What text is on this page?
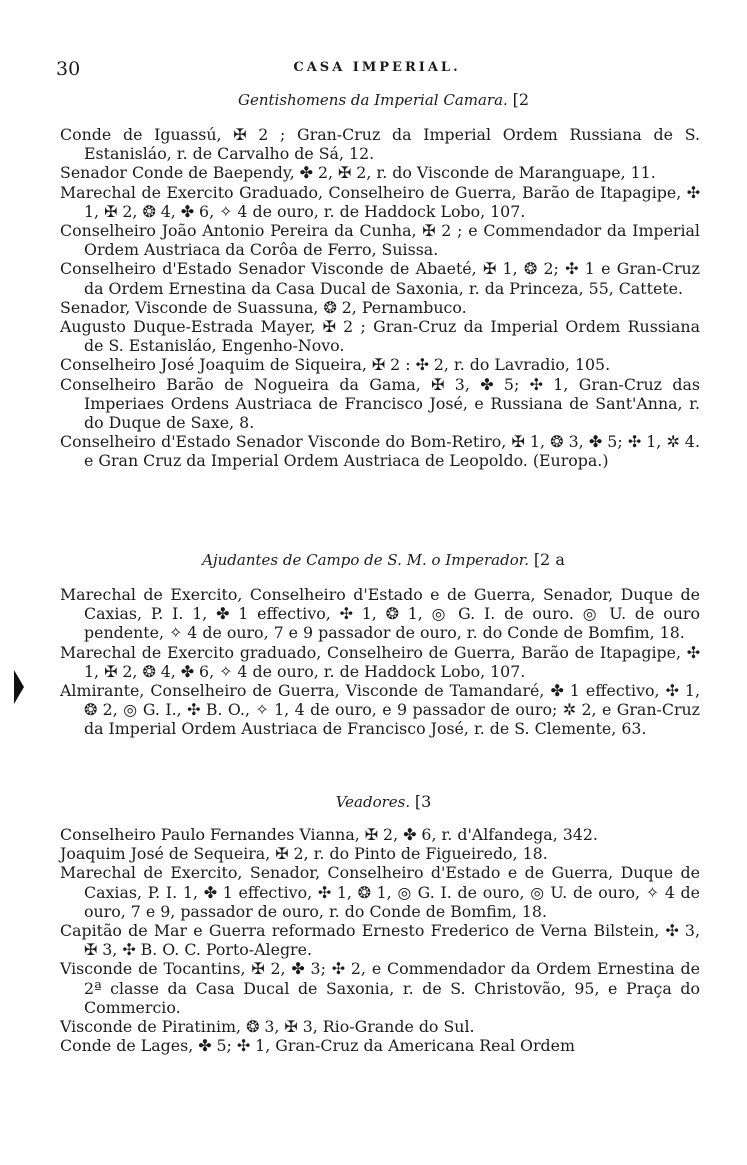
30	CASA IMPERIAL.
Gentishomens da Imperial Camara. [2

Conde de Iguassú, ✠ 2 ; Gran-Cruz da Imperial Ordem Russiana de S. Estanisláo, r. de Carvalho de Sá, 12.

Senador Conde de Baependy, ✤ 2, ✠ 2, r. do Visconde de Maranguape, 11.

Marechal de Exercito Graduado, Conselheiro de Guerra, Barão de Itapagipe, ✣ 1, ✠ 2, ❂ 4, ✤ 6, ✧ 4 de ouro, r. de Haddock Lobo, 107.

Conselheiro João Antonio Pereira da Cunha, ✠ 2 ; e Commendador da Imperial Ordem Austriaca da Corôa de Ferro, Suissa.

Conselheiro d'Estado Senador Visconde de Abaeté, ✠ 1, ❂ 2; ✣ 1 e Gran-Cruz da Ordem Ernestina da Casa Ducal de Saxonia, r. da Princeza, 55, Cattete.

Senador, Visconde de Suassuna, ❂ 2, Pernambuco.

Augusto Duque-Estrada Mayer, ✠ 2 ; Gran-Cruz da Imperial Ordem Russiana de S. Estanisláo, Engenho-Novo.

Conselheiro José Joaquim de Siqueira, ✠ 2 : ✣ 2, r. do Lavradio, 105.

Conselheiro Barão de Nogueira da Gama, ✠ 3, ✤ 5; ✣ 1, Gran-Cruz das Imperiaes Ordens Austriaca de Francisco José, e Russiana de Sant'Anna, r. do Duque de Saxe, 8.

Conselheiro d'Estado Senador Visconde do Bom-Retiro, ✠ 1, ❂ 3, ✤ 5; ✣ 1, ✲ 4. e Gran Cruz da Imperial Ordem Austriaca de Leopoldo. (Europa.)

Ajudantes de Campo de S. M. o Imperador. [2 a

Marechal de Exercito, Conselheiro d'Estado e de Guerra, Senador, Duque de Caxias, P. I. 1, ✤ 1 effectivo, ✣ 1, ❂ 1, ◎ G. I. de ouro. ◎ U. de ouro pendente, ✧ 4 de ouro, 7 e 9 passador de ouro, r. do Conde de Bomfim, 18.

Marechal de Exercito graduado, Conselheiro de Guerra, Barão de Itapagipe, ✣ 1, ✠ 2, ❂ 4, ✤ 6, ✧ 4 de ouro, r. de Haddock Lobo, 107.

Almirante, Conselheiro de Guerra, Visconde de Tamandaré, ✤ 1 effectivo, ✣ 1, ❂ 2, ◎ G. I., ✣ B. O., ✧ 1, 4 de ouro, e 9 passador de ouro; ✲ 2, e Gran-Cruz da Imperial Ordem Austriaca de Francisco José, r. de S. Clemente, 63.

Veadores. [3

Conselheiro Paulo Fernandes Vianna, ✠ 2, ✤ 6, r. d'Alfandega, 342.

Joaquim José de Sequeira, ✠ 2, r. do Pinto de Figueiredo, 18.

Marechal de Exercito, Senador, Conselheiro d'Estado e de Guerra, Duque de Caxias, P. I. 1, ✤ 1 effectivo, ✣ 1, ❂ 1, ◎ G. I. de ouro, ◎ U. de ouro, ✧ 4 de ouro, 7 e 9, passador de ouro, r. do Conde de Bomfim, 18.

Capitão de Mar e Guerra reformado Ernesto Frederico de Verna Bilstein, ✣ 3, ✠ 3, ✣ B. O. C. Porto-Alegre.

Visconde de Tocantins, ✠ 2, ✤ 3; ✣ 2, e Commendador da Ordem Ernestina de 2ª classe da Casa Ducal de Saxonia, r. de S. Christovão, 95, e Praça do Commercio.

Visconde de Piratinim, ❂ 3, ✠ 3, Rio-Grande do Sul.

Conde de Lages, ✤ 5; ✣ 1, Gran-Cruz da Americana Real Ordem
